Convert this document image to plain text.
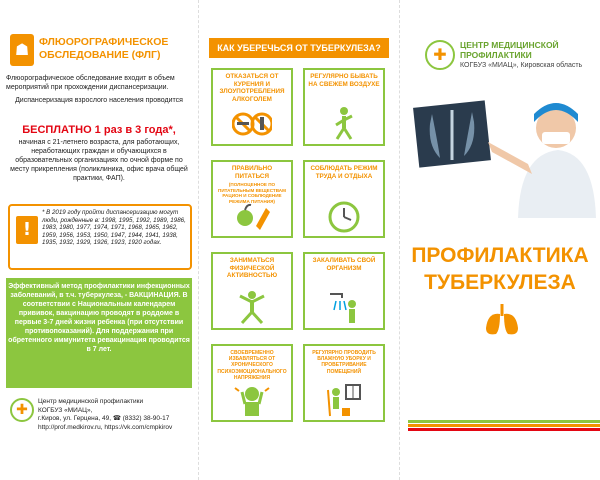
☗ ФЛЮОРОГРАФИЧЕСКОЕ ОБСЛЕДОВАНИЕ (ФЛГ)
Флюорографическое обследование входит в объем мероприятий при прохождении диспансеризации.
Диспансеризация взрослого населения проводится
БЕСПЛАТНО 1 раз в 3 года*,
начиная с 21-летнего возраста, для работающих, неработающих граждан и обучающихся в образовательных организациях по очной форме по месту прикрепления (поликлиника, офис врача общей практики, ФАП).
!
* В 2019 году пройти диспансеризацию могут люди, рожденные в: 1998, 1995, 1992, 1989, 1986, 1983, 1980, 1977, 1974, 1971, 1968, 1965, 1962, 1959, 1956, 1953, 1950, 1947, 1944, 1941, 1938, 1935, 1932, 1929, 1926, 1923, 1920 годах.
Эффективный метод профилактики инфекционных заболеваний, в т.ч. туберкулеза, - ВАКЦИНАЦИЯ. В соответствии с Национальным календарем прививок, вакцинацию проводят в роддоме в первые 3-7 дней жизни ребенка (при отсутствии противопоказаний). Для поддержания при обретенного иммунитета ревакцинация проводится в 7 лет.
✚
Центр медицинской профилактики
КОГБУЗ «МИАЦ»,
г.Киров, ул. Герцена, 49, ☎ (8332) 38-90-17
http://prof.medkirov.ru, https://vk.com/cmpkirov
КАК УБЕРЕЧЬСЯ ОТ ТУБЕРКУЛЕЗА?
ОТКАЗАТЬСЯ ОТ КУРЕНИЯ И ЗЛОУПОТРЕБЛЕНИЯ АЛКОГОЛЕМ
РЕГУЛЯРНО БЫВАТЬ НА СВЕЖЕМ ВОЗДУХЕ
ПРАВИЛЬНО ПИТАТЬСЯ
(ПОЛНОЦЕННОЕ ПО ПИТАТЕЛЬНЫМ ВЕЩЕСТВАМ РАЦИОН И СОБЛЮДЕНИЕ РЕЖИМА ПИТАНИЯ)
СОБЛЮДАТЬ РЕЖИМ ТРУДА И ОТДЫХА
ЗАНИМАТЬСЯ ФИЗИЧЕСКОЙ АКТИВНОСТЬЮ
ЗАКАЛИВАТЬ СВОЙ ОРГАНИЗМ
СВОЕВРЕМЕННО ИЗБАВЛЯТЬСЯ ОТ ХРОНИЧЕСКОГО ПСИХОЭМОЦИОНАЛЬНОГО НАПРЯЖЕНИЯ
РЕГУЛЯРНО ПРОВОДИТЬ ВЛАЖНУЮ УБОРКУ И ПРОВЕТРИВАНИЕ ПОМЕЩЕНИЙ
✚	ЦЕНТР МЕДИЦИНСКОЙ ПРОФИЛАКТИКИ
КОГБУЗ «МИАЦ», Кировская область
ПРОФИЛАКТИКА
ТУБЕРКУЛЕЗА
